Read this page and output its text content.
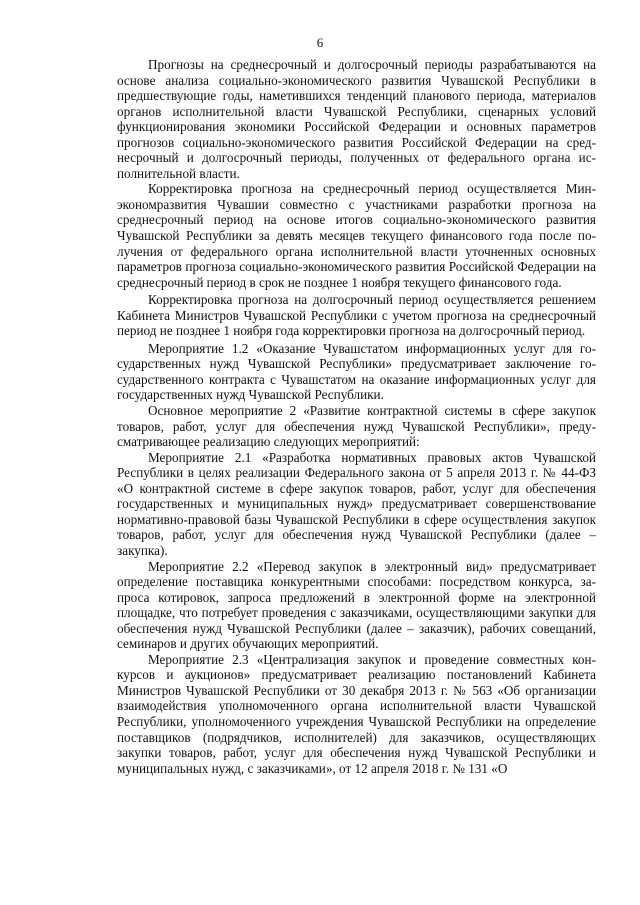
6

Прогнозы на среднесрочный и долгосрочный периоды разрабатываются на основе анализа социально-экономического развития Чувашской Республики в предшествующие годы, наметившихся тенденций планового периода, материалов органов исполнительной власти Чувашской Республики, сценарных условий функционирования экономики Российской Федерации и основных параметров прогнозов социально-экономического развития Российской Федерации на среднесрочный и долгосрочный периоды, полученных от федерального органа исполнительной власти.

Корректировка прогноза на среднесрочный период осуществляется Минэкономразвития Чувашии совместно с участниками разработки прогноза на среднесрочный период на основе итогов социально-экономического развития Чувашской Республики за девять месяцев текущего финансового года после получения от федерального органа исполнительной власти уточненных основных параметров прогноза социально-экономического развития Российской Федерации на среднесрочный период в срок не позднее 1 ноября текущего финансового года.

Корректировка прогноза на долгосрочный период осуществляется решением Кабинета Министров Чувашской Республики с учетом прогноза на среднесрочный период не позднее 1 ноября года корректировки прогноза на долгосрочный период.

Мероприятие 1.2 «Оказание Чувашстатом информационных услуг для государственных нужд Чувашской Республики» предусматривает заключение государственного контракта с Чувашстатом на оказание информационных услуг для государственных нужд Чувашской Республики.

Основное мероприятие 2 «Развитие контрактной системы в сфере закупок товаров, работ, услуг для обеспечения нужд Чувашской Республики», предусматривающее реализацию следующих мероприятий:

Мероприятие 2.1 «Разработка нормативных правовых актов Чувашской Республики в целях реализации Федерального закона от 5 апреля 2013 г. № 44-ФЗ «О контрактной системе в сфере закупок товаров, работ, услуг для обеспечения государственных и муниципальных нужд» предусматривает совершенствование нормативно-правовой базы Чувашской Республики в сфере осуществления закупок товаров, работ, услуг для обеспечения нужд Чувашской Республики (далее – закупка).

Мероприятие 2.2 «Перевод закупок в электронный вид» предусматривает определение поставщика конкурентными способами: посредством конкурса, запроса котировок, запроса предложений в электронной форме на электронной площадке, что потребует проведения с заказчиками, осуществляющими закупки для обеспечения нужд Чувашской Республики (далее – заказчик), рабочих совещаний, семинаров и других обучающих мероприятий.

Мероприятие 2.3 «Централизация закупок и проведение совместных конкурсов и аукционов» предусматривает реализацию постановлений Кабинета Министров Чувашской Республики от 30 декабря 2013 г. № 563 «Об организации взаимодействия уполномоченного органа исполнительной власти Чувашской Республики, уполномоченного учреждения Чувашской Республики на определение поставщиков (подрядчиков, исполнителей) для заказчиков, осуществляющих закупки товаров, работ, услуг для обеспечения нужд Чувашской Республики и муниципальных нужд, с заказчиками», от 12 апреля 2018 г. № 131 «О
